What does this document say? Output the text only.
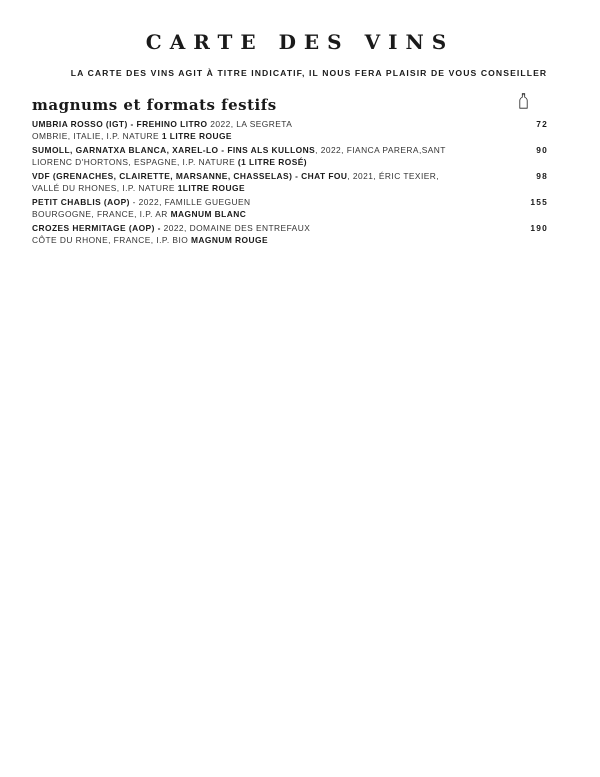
CARTE DES VINS

LA CARTE DES VINS AGIT À TITRE INDICATIF, IL NOUS FERA PLAISIR DE VOUS CONSEILLER

magnums et formats festifs
UMBRIA ROSSO (IGT) - FREHINO LITRO 2022, LA SEGRETA
OMBRIE, ITALIE, I.P. NATURE 1 LITRE ROUGE
72
SUMOLL, GARNATXA BLANCA, XAREL-LO - FINS ALS KULLONS, 2022, FIANCA PARERA,SANT
LIORENC D'HORTONS, ESPAGNE, I.P. NATURE (1 LITRE ROSÉ)
90
VDF (GRENACHES, CLAIRETTE, MARSANNE, CHASSELAS) - CHAT FOU, 2021, ÉRIC TEXIER,
VALLÉ DU RHONES, I.P. NATURE 1LITRE ROUGE
98
PETIT CHABLIS (AOP) - 2022, FAMILLE GUEGUEN
BOURGOGNE, FRANCE, I.P. AR MAGNUM BLANC
155
CROZES HERMITAGE (AOP) - 2022, DOMAINE DES ENTREFAUX
CÔTE DU RHONE, FRANCE, I.P. BIO MAGNUM ROUGE
190
